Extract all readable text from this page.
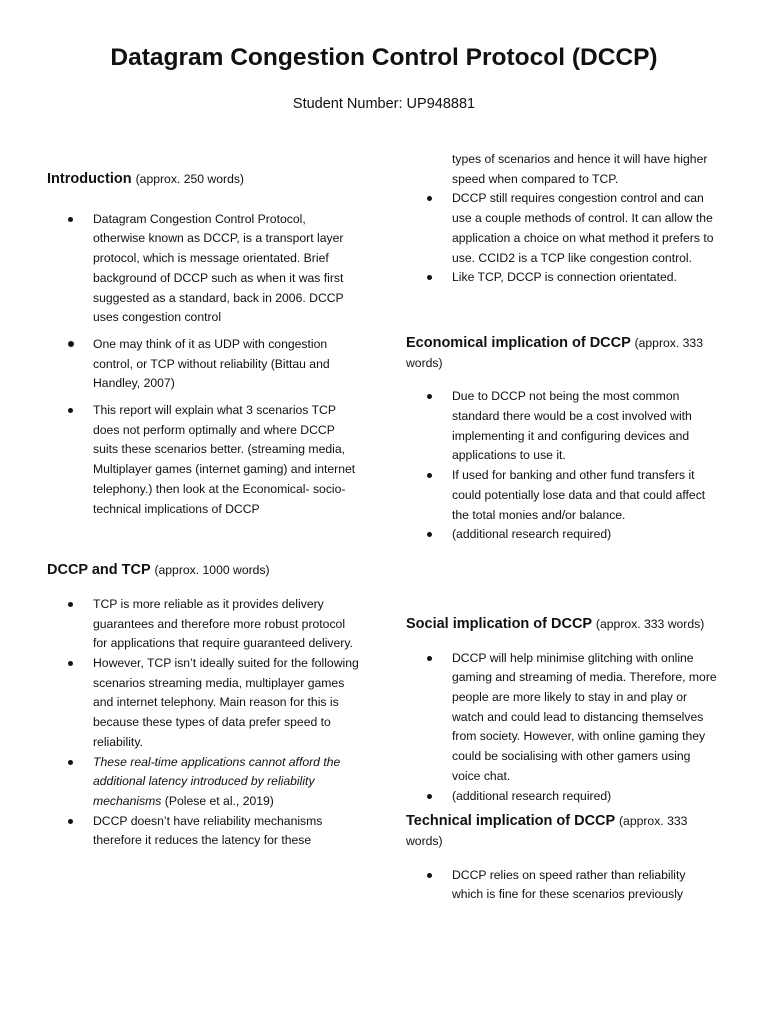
Datagram Congestion Control Protocol (DCCP)
Student Number: UP948881
Introduction (approx. 250 words)
Datagram Congestion Control Protocol, otherwise known as DCCP, is a transport layer protocol, which is message orientated. Brief background of DCCP such as when it was first suggested as a standard, back in 2006. DCCP uses congestion control
One may think of it as UDP with congestion control, or TCP without reliability (Bittau and Handley, 2007)
This report will explain what 3 scenarios TCP does not perform optimally and where DCCP suits these scenarios better. (streaming media, Multiplayer games (internet gaming) and internet telephony.) then look at the Economical- socio- technical implications of DCCP
DCCP and TCP (approx. 1000 words)
TCP is more reliable as it provides delivery guarantees and therefore more robust protocol for applications that require guaranteed delivery.
However, TCP isn’t ideally suited for the following scenarios streaming media, multiplayer games and internet telephony. Main reason for this is because these types of data prefer speed to reliability.
These real-time applications cannot afford the additional latency introduced by reliability mechanisms (Polese et al., 2019)
DCCP doesn’t have reliability mechanisms therefore it reduces the latency for these
types of scenarios and hence it will have higher speed when compared to TCP.
DCCP still requires congestion control and can use a couple methods of control. It can allow the application a choice on what method it prefers to use. CCID2 is a TCP like congestion control.
Like TCP, DCCP is connection orientated.
Economical implication of DCCP (approx. 333 words)
Due to DCCP not being the most common standard there would be a cost involved with implementing it and configuring devices and applications to use it.
If used for banking and other fund transfers it could potentially lose data and that could affect the total monies and/or balance.
(additional research required)
Social implication of DCCP (approx. 333 words)
DCCP will help minimise glitching with online gaming and streaming of media. Therefore, more people are more likely to stay in and play or watch and could lead to distancing themselves from society. However, with online gaming they could be socialising with other gamers using voice chat.
(additional research required)
Technical implication of DCCP (approx. 333 words)
DCCP relies on speed rather than reliability which is fine for these scenarios previously
